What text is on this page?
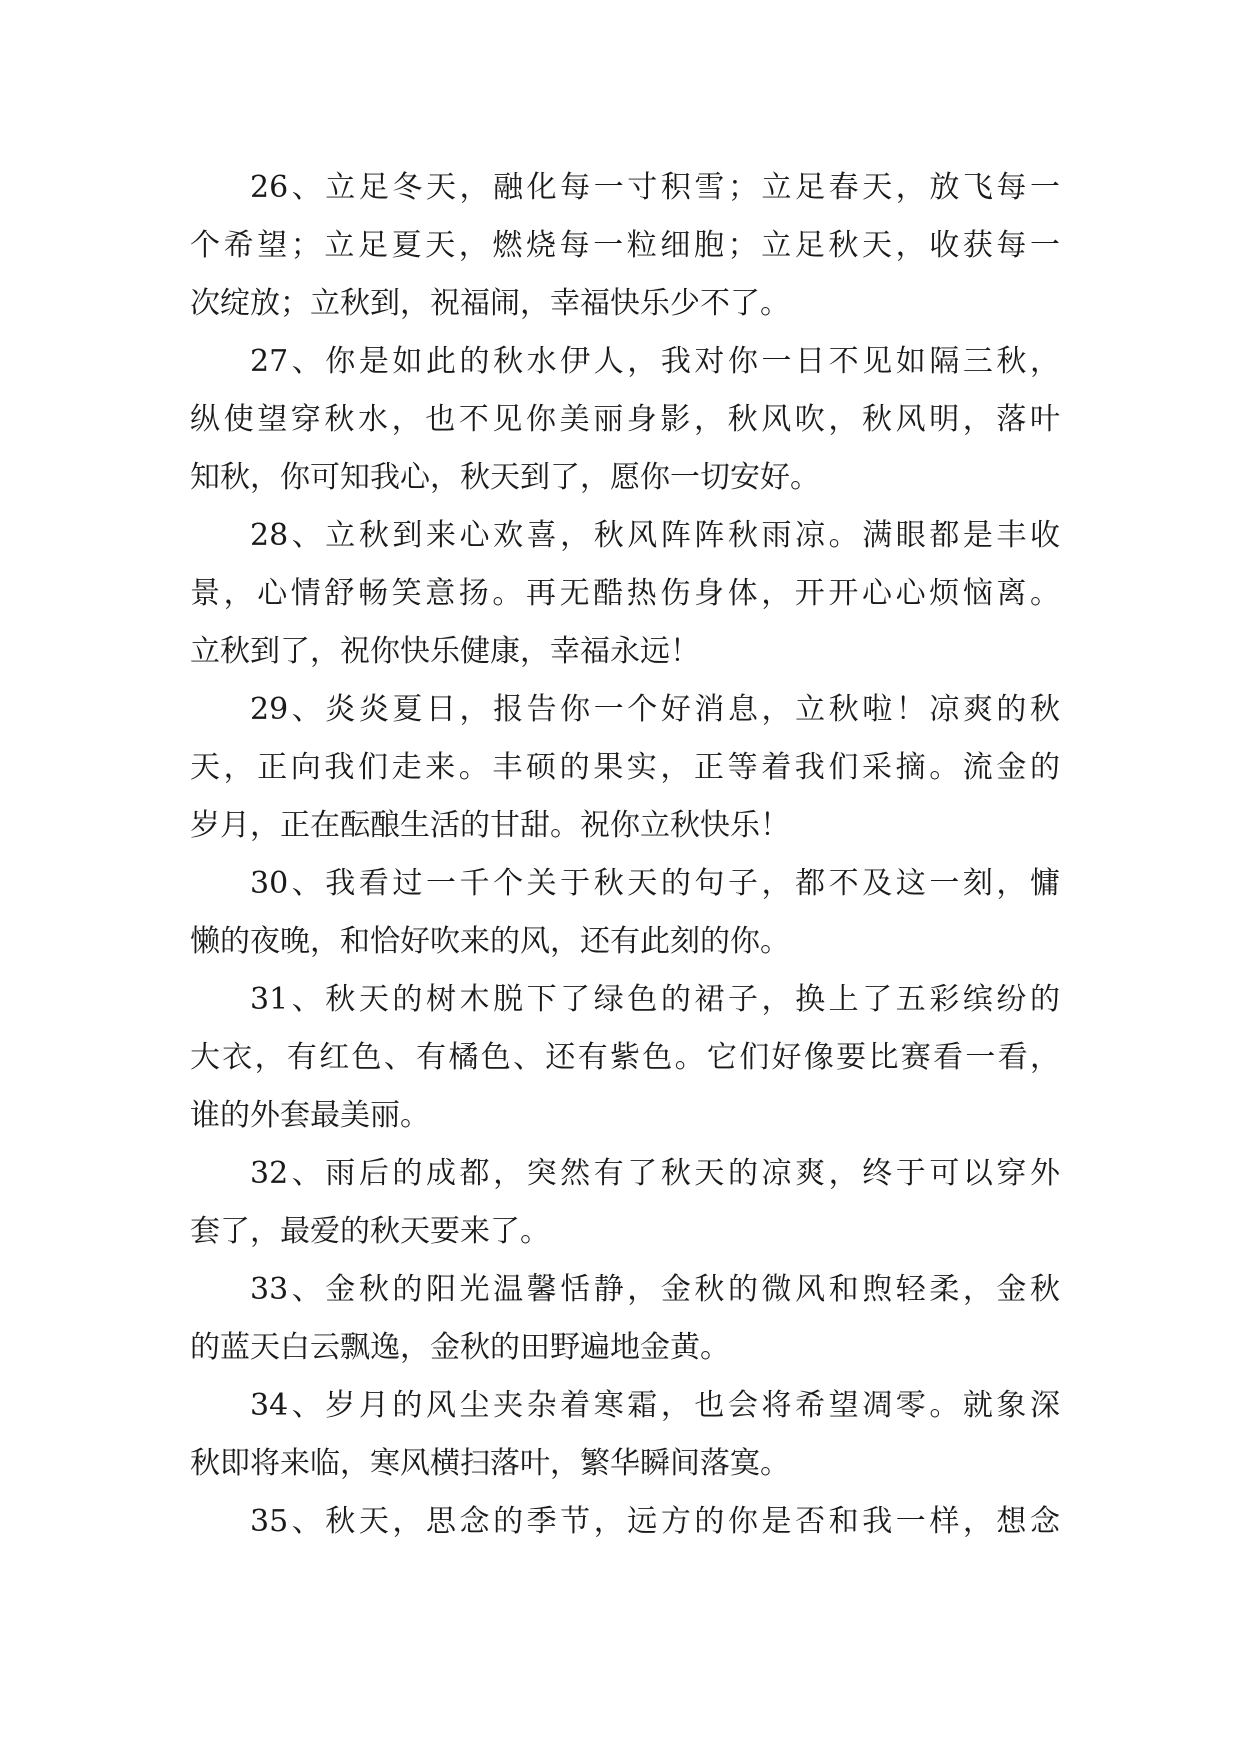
26、立足冬天，融化每一寸积雪；立足春天，放飞每一

个希望；立足夏天，燃烧每一粒细胞；立足秋天，收获每一

次绽放；立秋到，祝福闹，幸福快乐少不了。

27、你是如此的秋水伊人，我对你一日不见如隔三秋，

纵使望穿秋水，也不见你美丽身影，秋风吹，秋风明，落叶

知秋，你可知我心，秋天到了，愿你一切安好。

28、立秋到来心欢喜，秋风阵阵秋雨凉。满眼都是丰收

景，心情舒畅笑意扬。再无酷热伤身体，开开心心烦恼离。

立秋到了，祝你快乐健康，幸福永远！

29、炎炎夏日，报告你一个好消息，立秋啦！凉爽的秋

天，正向我们走来。丰硕的果实，正等着我们采摘。流金的

岁月，正在酝酿生活的甘甜。祝你立秋快乐！

30、我看过一千个关于秋天的句子，都不及这一刻，慵

懒的夜晚，和恰好吹来的风，还有此刻的你。

31、秋天的树木脱下了绿色的裙子，换上了五彩缤纷的

大衣，有红色、有橘色、还有紫色。它们好像要比赛看一看，

谁的外套最美丽。

32、雨后的成都，突然有了秋天的凉爽，终于可以穿外

套了，最爱的秋天要来了。

33、金秋的阳光温馨恬静，金秋的微风和煦轻柔，金秋

的蓝天白云飘逸，金秋的田野遍地金黄。

34、岁月的风尘夹杂着寒霜，也会将希望凋零。就象深

秋即将来临，寒风横扫落叶，繁华瞬间落寞。

35、秋天，思念的季节，远方的你是否和我一样，想念
